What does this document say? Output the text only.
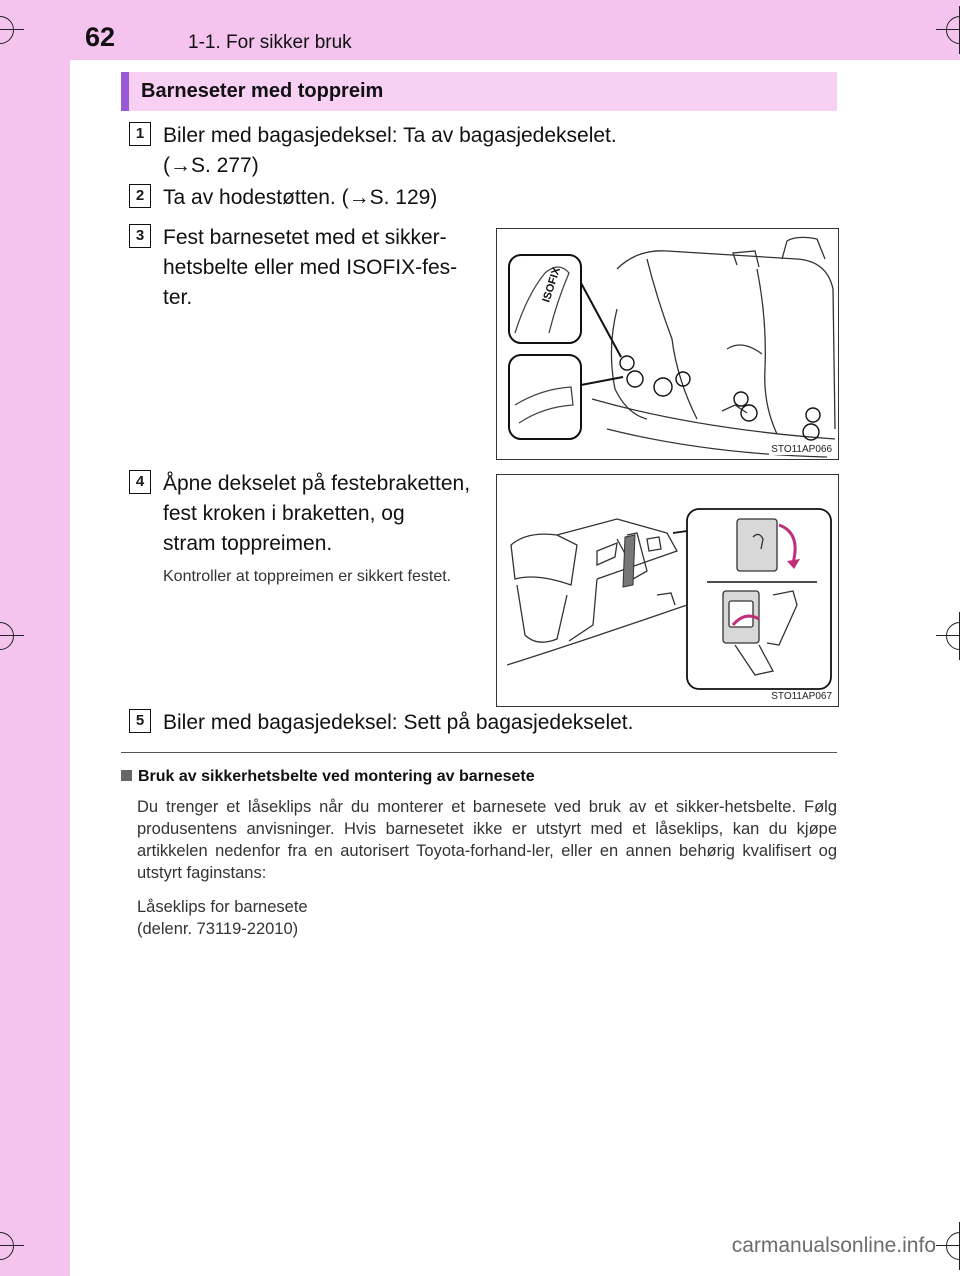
62	1-1. For sikker bruk
Barneseter med toppreim
1 Biler med bagasjedeksel: Ta av bagasjedekselet.
(→S. 277)
2 Ta av hodestøtten. (→S. 129)
3 Fest barnesetet med et sikker-
hetsbelte eller med ISOFIX-fes-
ter.	ISOFIX
STO11AP066
4 Åpne dekselet på festebraketten,
fest kroken i braketten, og
stram toppreimen.
Kontroller at toppreimen er sikkert festet.
STO11AP067
5 Biler med bagasjedeksel: Sett på bagasjedekselet.
Bruk av sikkerhetsbelte ved montering av barnesete
Du trenger et låseklips når du monterer et barnesete ved bruk av et sikker-hetsbelte. Følg produsentens anvisninger. Hvis barnesetet ikke er utstyrt med et låseklips, kan du kjøpe artikkelen nedenfor fra en autorisert Toyota-forhand-ler, eller en annen behørig kvalifisert og utstyrt faginstans:
Låseklips for barnesete
(delenr. 73119-22010)
carmanualsonline.info
